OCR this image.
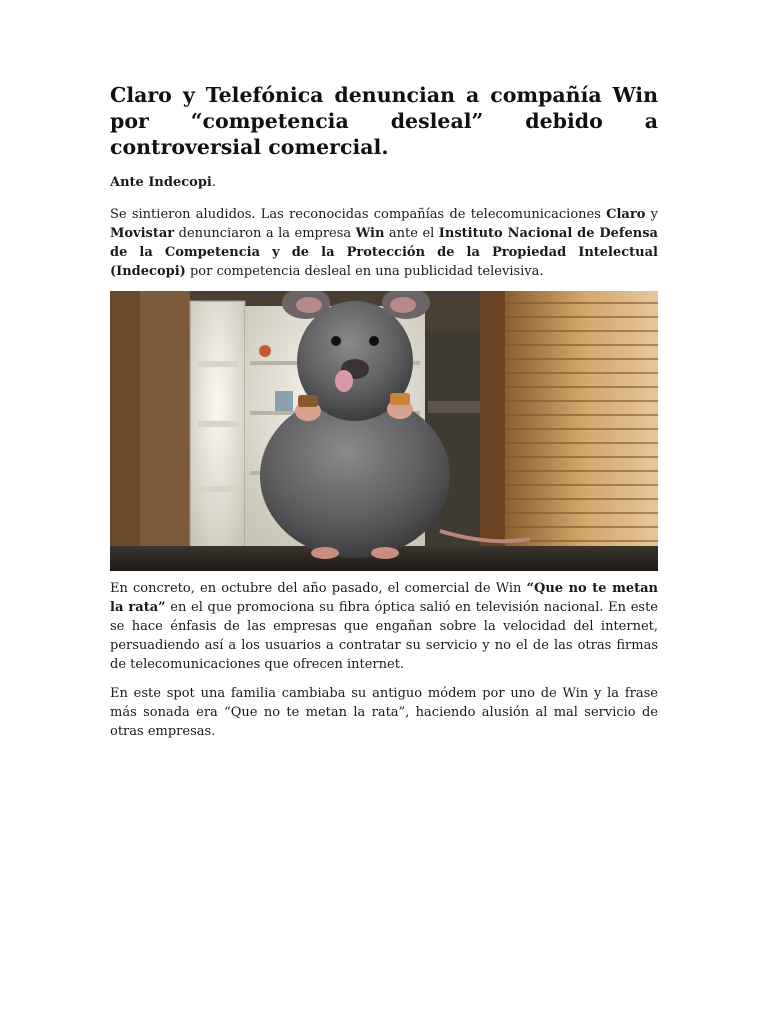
Claro y Telefónica denuncian a compañía Win por “competencia desleal” debido a controversial comercial.
Ante Indecopi.

Se sintieron aludidos. Las reconocidas compañías de telecomunicaciones Claro y Movistar denunciaron a la empresa Win ante el Instituto Nacional de Defensa de la Competencia y de la Protección de la Propiedad Intelectual (Indecopi) por competencia desleal en una publicidad televisiva.

En concreto, en octubre del año pasado, el comercial de Win “Que no te metan la rata” en el que promociona su fibra óptica salió en televisión nacional. En este se hace énfasis de las empresas que engañan sobre la velocidad del internet, persuadiendo así a los usuarios a contratar su servicio y no el de las otras firmas de telecomunicaciones que ofrecen internet.

En este spot una familia cambiaba su antiguo módem por uno de Win y la frase más sonada era “Que no te metan la rata”, haciendo alusión al mal servicio de otras empresas.
